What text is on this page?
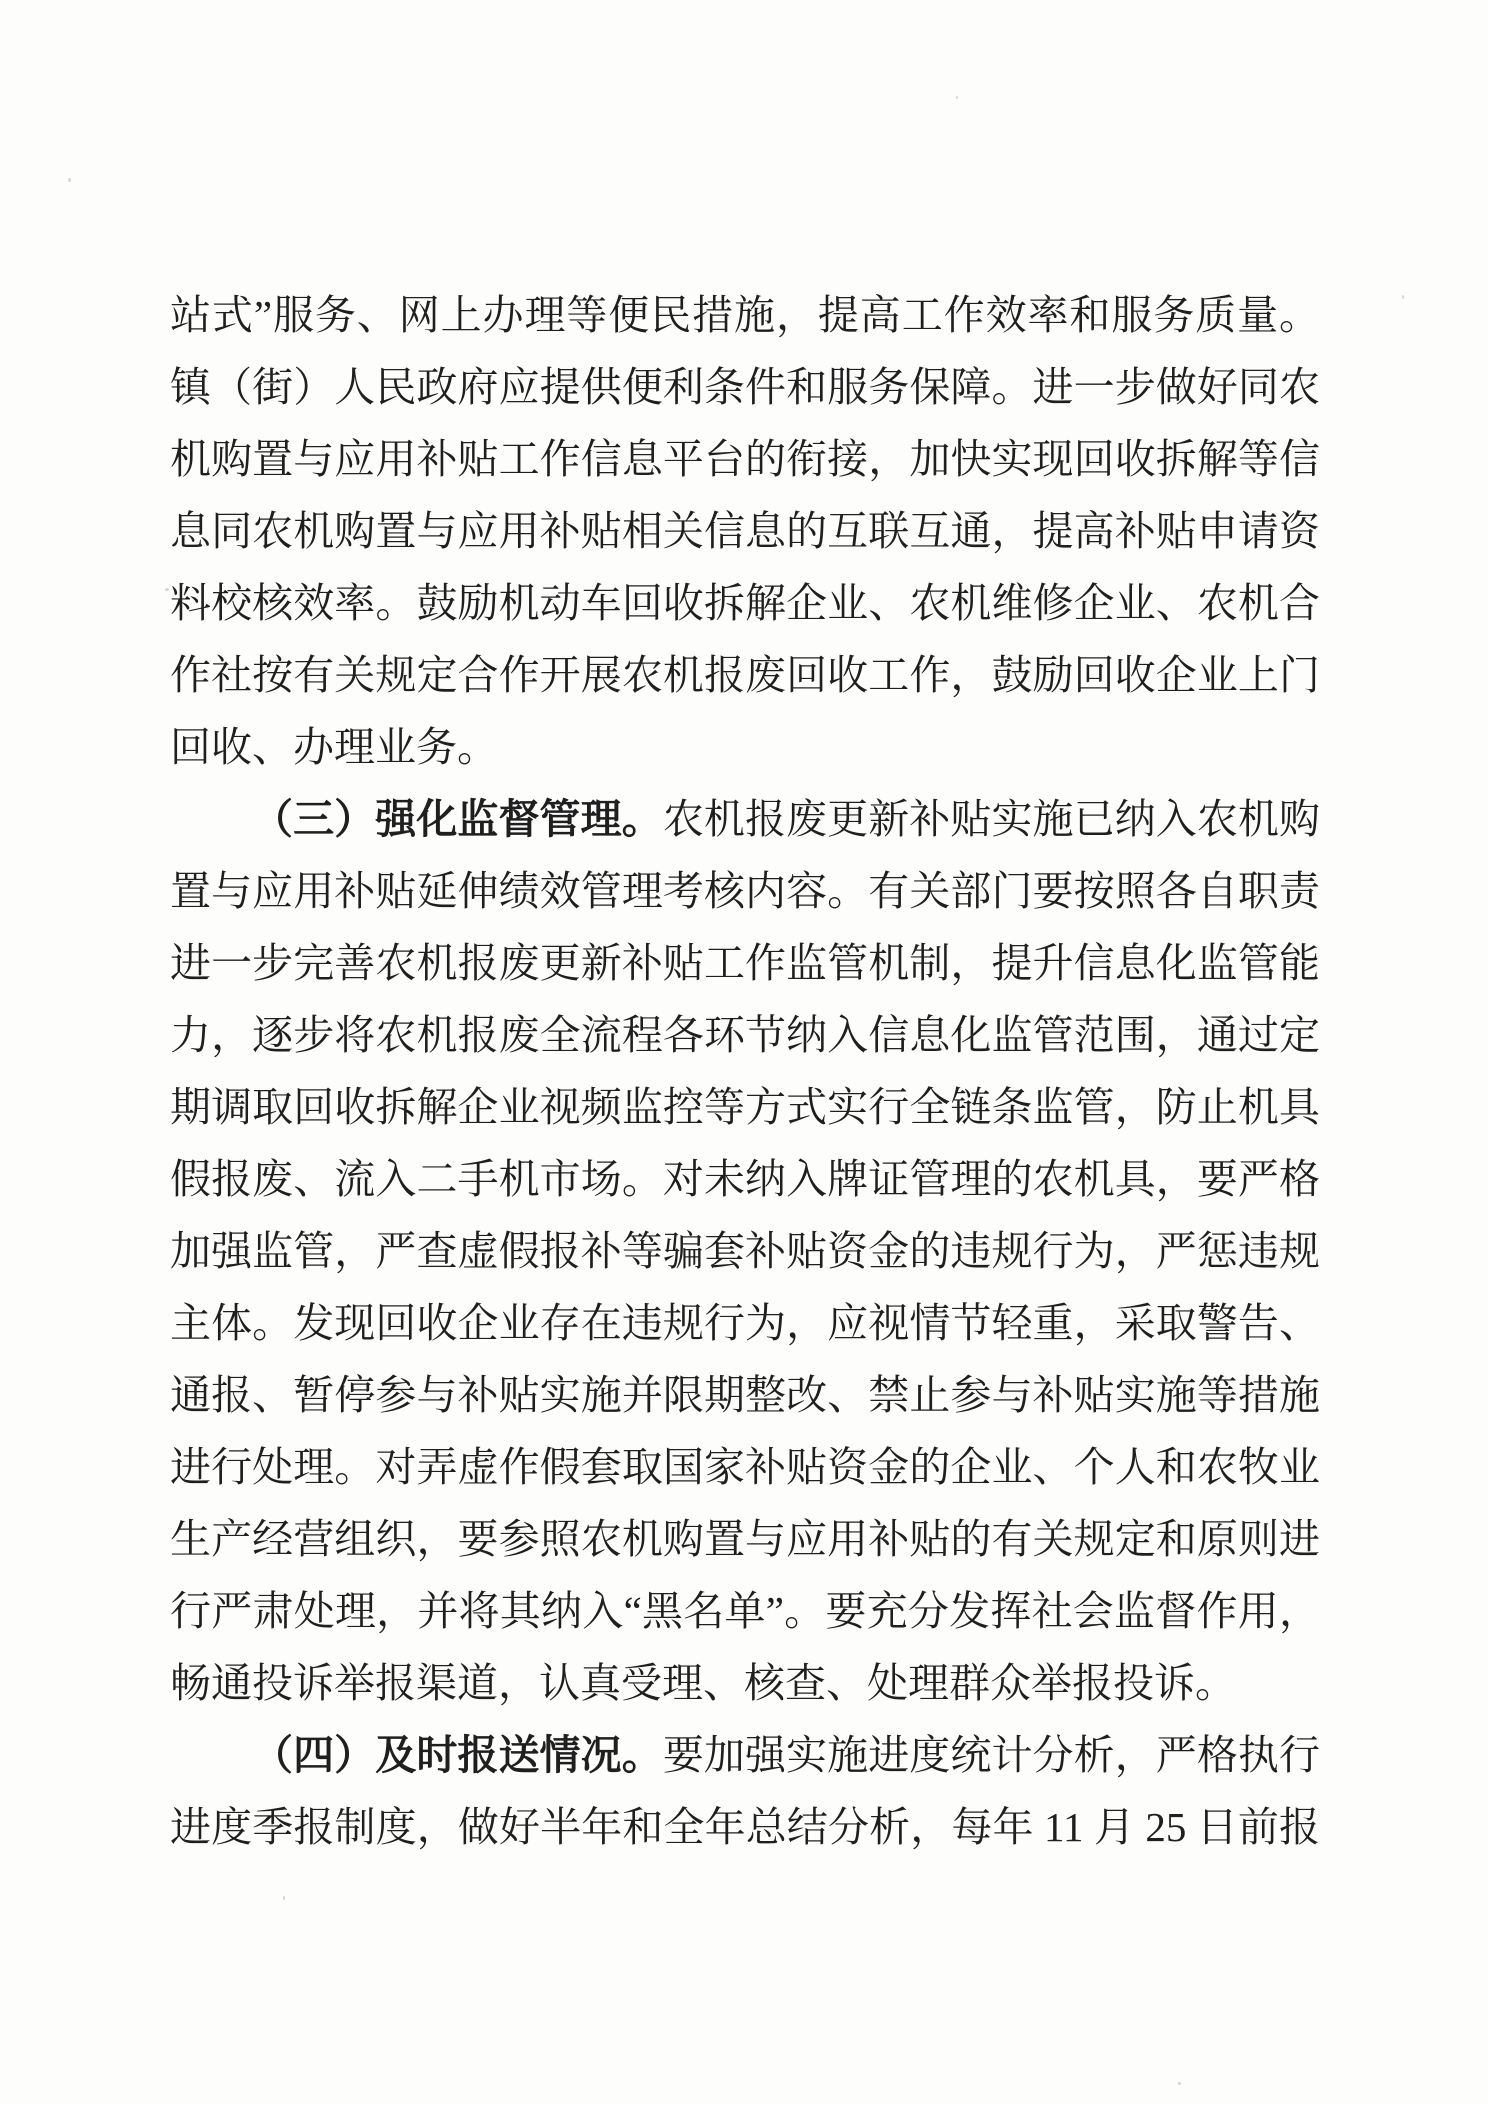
站式”服务、网上办理等便民措施，提高工作效率和服务质量。
镇（街）人民政府应提供便利条件和服务保障。进一步做好同农
机购置与应用补贴工作信息平台的衔接，加快实现回收拆解等信
息同农机购置与应用补贴相关信息的互联互通，提高补贴申请资
料校核效率。鼓励机动车回收拆解企业、农机维修企业、农机合
作社按有关规定合作开展农机报废回收工作，鼓励回收企业上门
回收、办理业务。
（三）强化监督管理。农机报废更新补贴实施已纳入农机购
置与应用补贴延伸绩效管理考核内容。有关部门要按照各自职责
进一步完善农机报废更新补贴工作监管机制，提升信息化监管能
力，逐步将农机报废全流程各环节纳入信息化监管范围，通过定
期调取回收拆解企业视频监控等方式实行全链条监管，防止机具
假报废、流入二手机市场。对未纳入牌证管理的农机具，要严格
加强监管，严查虚假报补等骗套补贴资金的违规行为，严惩违规
主体。发现回收企业存在违规行为，应视情节轻重，采取警告、
通报、暂停参与补贴实施并限期整改、禁止参与补贴实施等措施
进行处理。对弄虚作假套取国家补贴资金的企业、个人和农牧业
生产经营组织，要参照农机购置与应用补贴的有关规定和原则进
行严肃处理，并将其纳入“黑名单”。要充分发挥社会监督作用，
畅通投诉举报渠道，认真受理、核查、处理群众举报投诉。
（四）及时报送情况。要加强实施进度统计分析，严格执行
进度季报制度，做好半年和全年总结分析，每年 11 月 25 日前报
